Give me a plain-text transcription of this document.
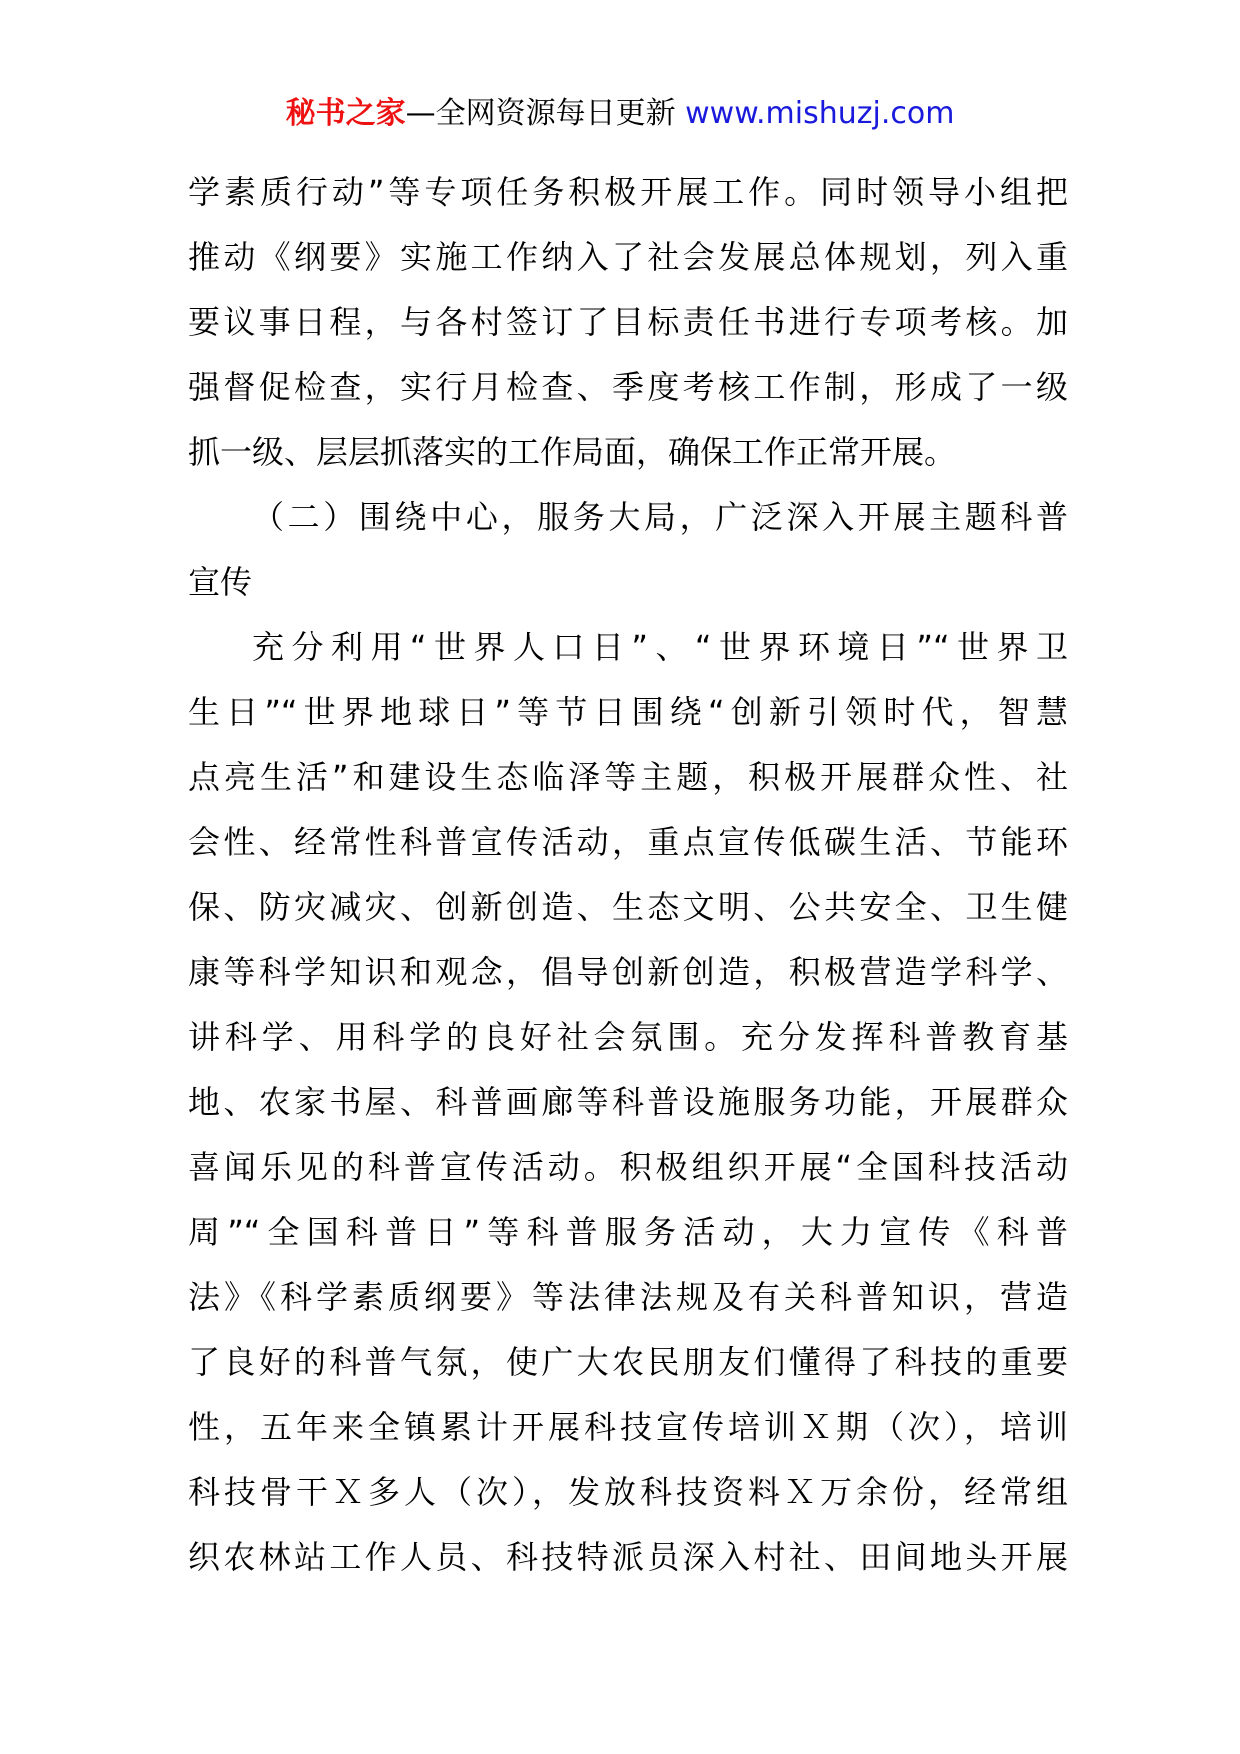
秘书之家—全网资源每日更新 www.mishuzj.com
学素质行动”等专项任务积极开展工作。同时领导小组把
推动《纲要》实施工作纳入了社会发展总体规划，列入重
要议事日程，与各村签订了目标责任书进行专项考核。加
强督促检查，实行月检查、季度考核工作制，形成了一级
抓一级、层层抓落实的工作局面，确保工作正常开展。
（二）围绕中心，服务大局，广泛深入开展主题科普
宣传
充分利用“世界人口日”、“世界环境日”“世界卫
生日”“世界地球日”等节日围绕“创新引领时代，智慧
点亮生活”和建设生态临泽等主题，积极开展群众性、社
会性、经常性科普宣传活动，重点宣传低碳生活、节能环
保、防灾减灾、创新创造、生态文明、公共安全、卫生健
康等科学知识和观念，倡导创新创造，积极营造学科学、
讲科学、用科学的良好社会氛围。充分发挥科普教育基
地、农家书屋、科普画廊等科普设施服务功能，开展群众
喜闻乐见的科普宣传活动。积极组织开展“全国科技活动
周”“全国科普日”等科普服务活动，大力宣传《科普
法》《科学素质纲要》等法律法规及有关科普知识，营造
了良好的科普气氛，使广大农民朋友们懂得了科技的重要
性，五年来全镇累计开展科技宣传培训Ｘ期（次），培训
科技骨干Ｘ多人（次），发放科技资料Ｘ万余份，经常组
织农林站工作人员、科技特派员深入村社、田间地头开展
